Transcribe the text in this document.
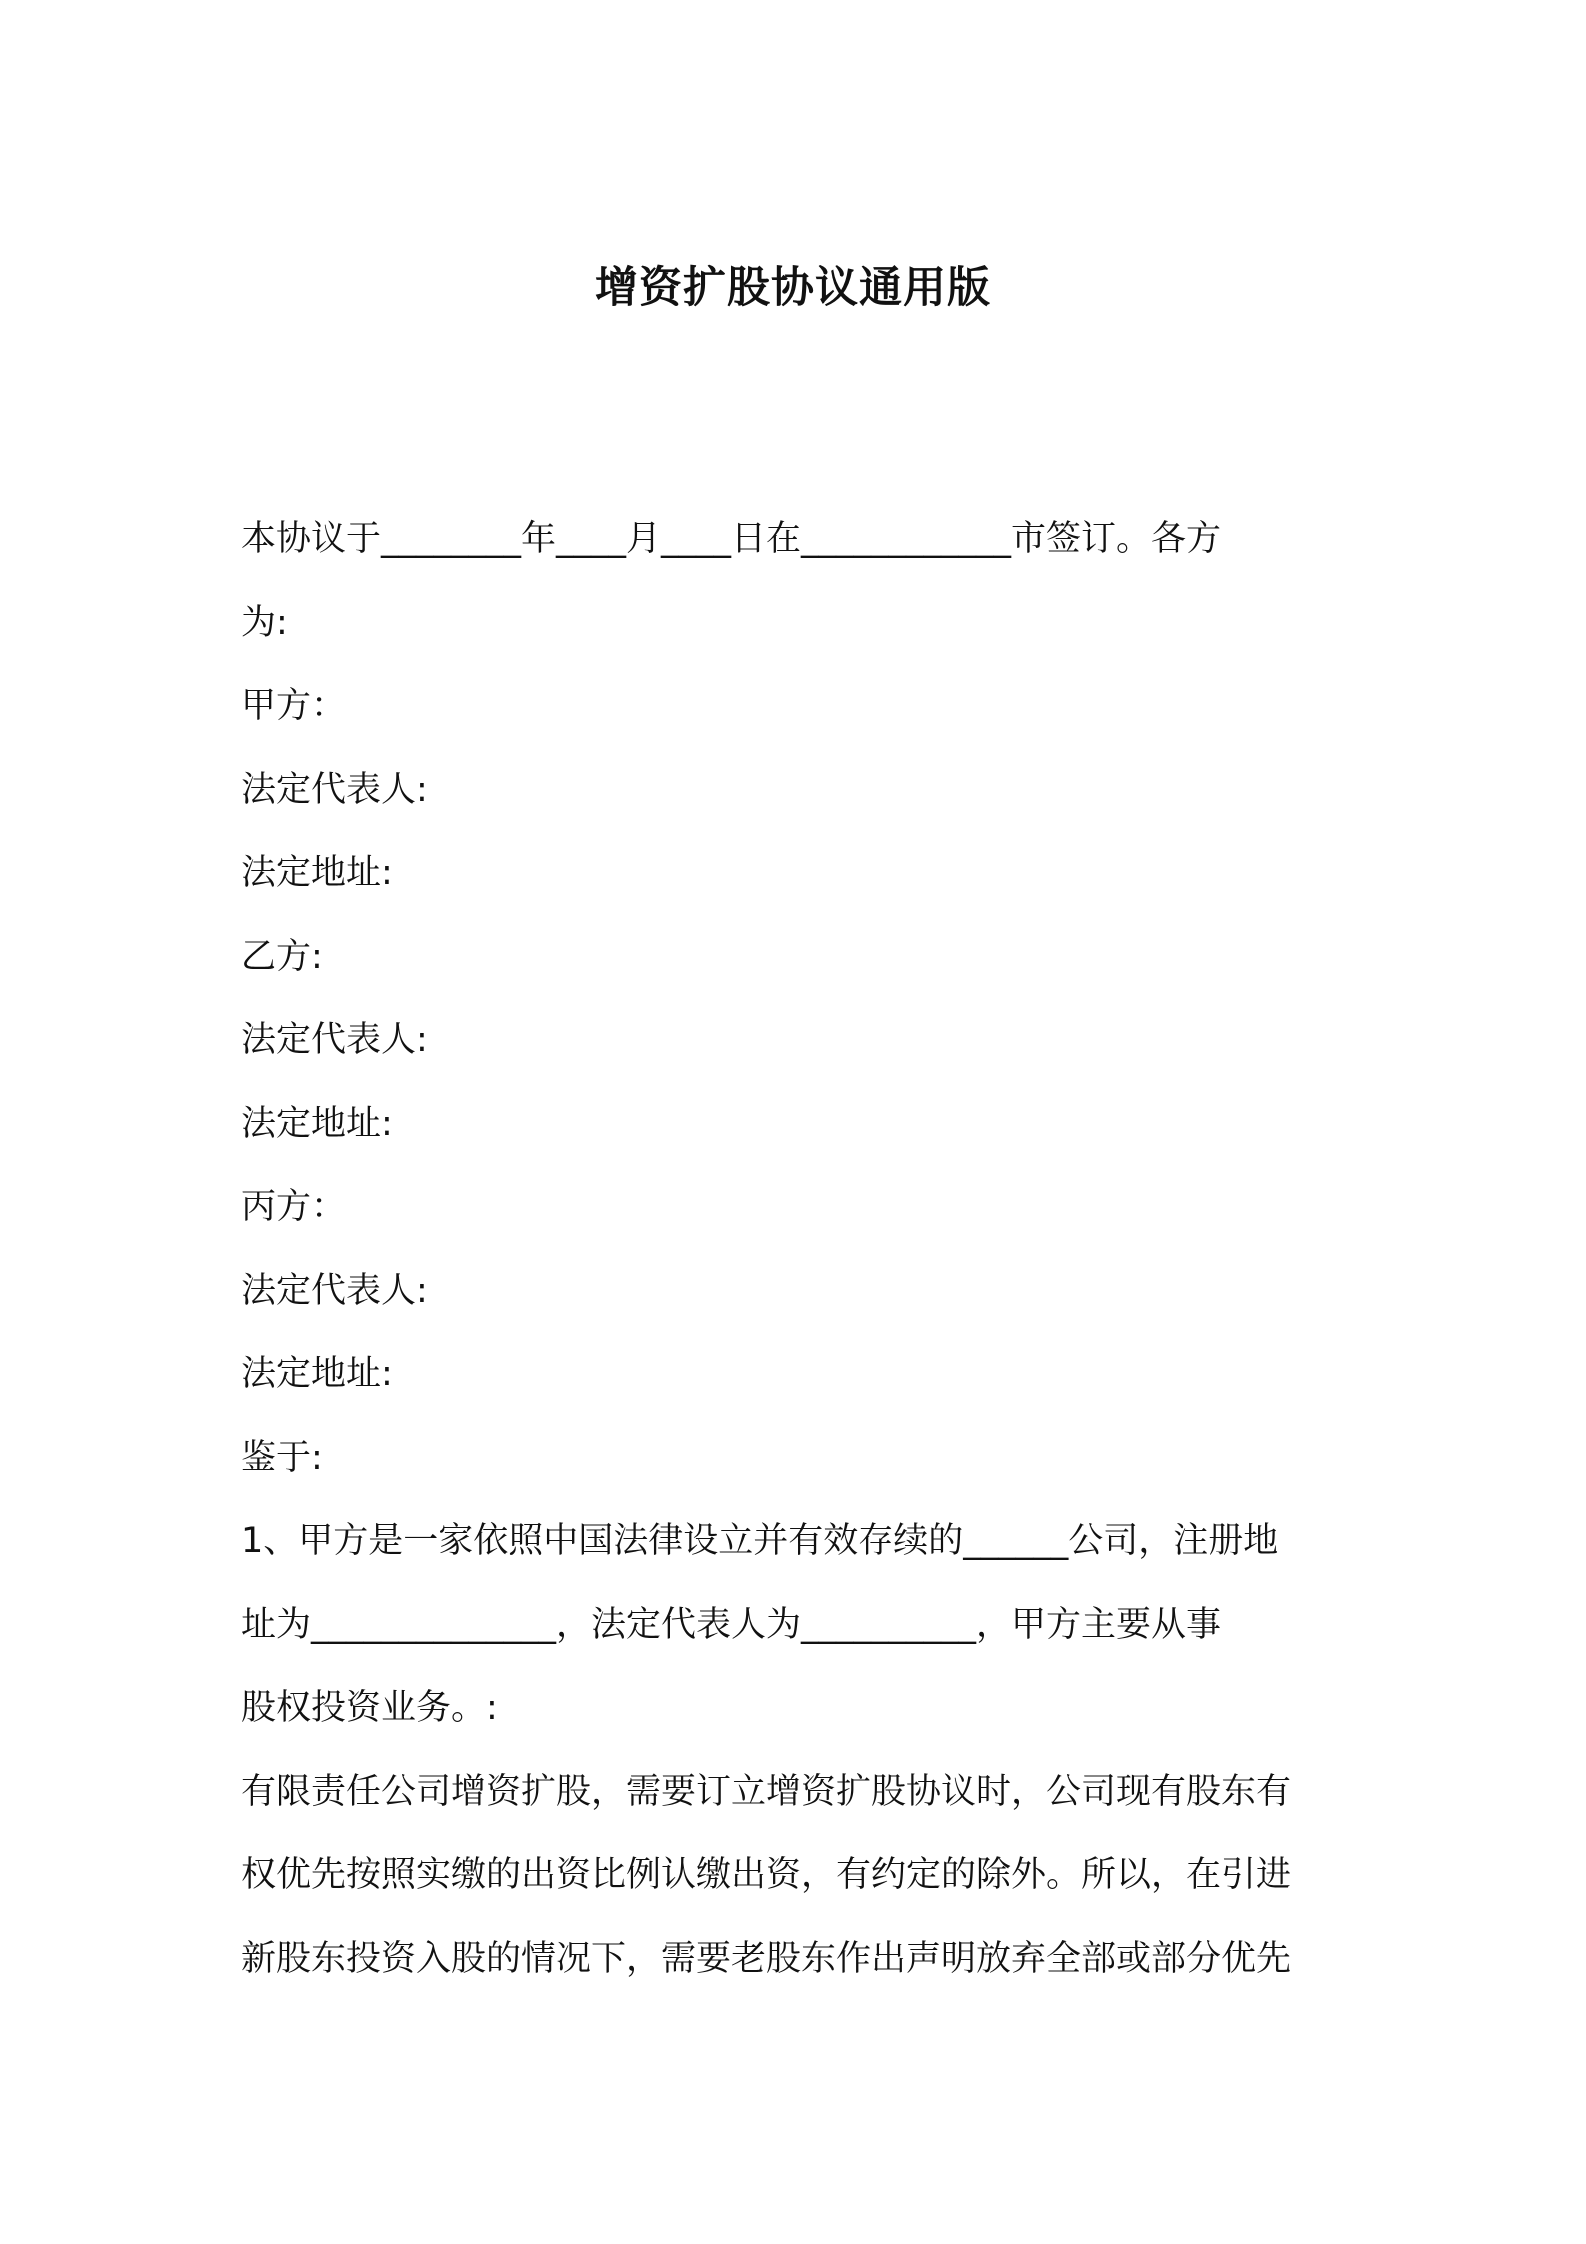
增资扩股协议通用版
本协议于________年____月____日在____________市签订。各方
为:
甲方：
法定代表人:
法定地址:
乙方:
法定代表人:
法定地址:
丙方：
法定代表人:
法定地址:
鉴于:
1、甲方是一家依照中国法律设立并有效存续的______公司，注册地
址为______________，法定代表人为__________，甲方主要从事
股权投资业务。:
有限责任公司增资扩股，需要订立增资扩股协议时，公司现有股东有
权优先按照实缴的出资比例认缴出资，有约定的除外。所以，在引进
新股东投资入股的情况下，需要老股东作出声明放弃全部或部分优先
